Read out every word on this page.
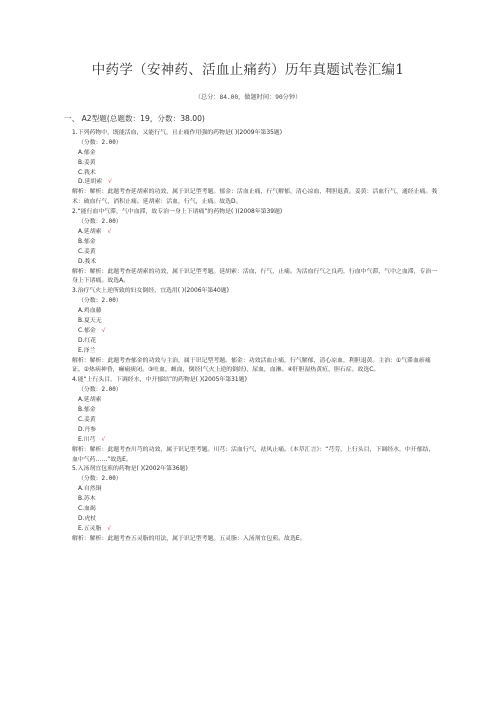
中药学（安神药、活血止痛药）历年真题试卷汇编1
（总分：84.00，做题时间：90分钟）
一、 A2型题(总题数：19，分数：38.00)
1.下列药物中，既能活血，又能行气，且止痛作用强的药物是( )(2009年第35题)
（分数：2.00）
A.郁金
B.姜黄
C.莪术
D.延胡索 √
解析：解析：此题考查延胡索的功效，属于识记型考题。郁金：活血止痛，行气解郁，清心凉血，利胆退黄。姜黄：活血行气，通经止痛。莪术：破血行气，消积止痛。延胡索：活血，行气，止痛。故选D。
2.“能行血中气滞，气中血滞，故专治一身上下诸痛”的药物是( )(2008年第39题)
（分数：2.00）
A.延胡索 √
B.郁金
C.姜黄
D.莪术
解析：解析：此题考查延胡索的功效，属于识记型考题。延胡索：活血，行气，止痛。为活血行气之良药，行血中气滞，气中之血滞，专治一身上下诸痛。故选A。
3.治疗气火上逆所致的妇女倒经，宜选用( )(2006年第40题)
（分数：2.00）
A.鸡血藤
B.夏天无
C.郁金 √
D.红花
E.泽兰
解析：解析：此题考查郁金的功效与主治，属于识记型考题。郁金：功效活血止痛，行气解郁，清心凉血，利胆退黄。主治：①气滞血瘀痛证。②热病神昏，癫痫痰闭。③吐血，衄血，倒经(气火上逆的倒经)，尿血，血淋。④肝胆湿热黄疸，胆石症。故选C。
4.能“上行头目，下调经水，中开郁结”的药物是( )(2005年第31题)
（分数：2.00）
A.延胡索
B.郁金
C.姜黄
D.丹参
E.川芎 √
解析：解析：此题考查川芎的功效，属于识记型考题。川芎：活血行气，祛风止痛。《本草汇言》：“芎劳，上行头目，下调经水，中开郁结，血中气药……”故选E。
5.入汤剂宜包煎的药物是( )(2002年第36题)
（分数：2.00）
A.自然铜
B.苏木
C.血竭
D.虎杖
E.五灵脂 √
解析：解析：此题考查五灵脂的用法，属于识记型考题。五灵脂：入汤剂宜包煎。故选E。
